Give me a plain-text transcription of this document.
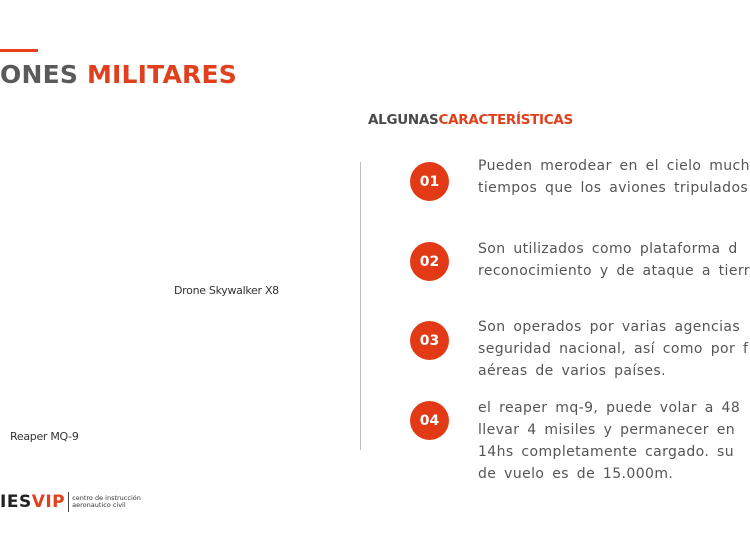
ONES MILITARES
Drone Skywalker X8
Reaper MQ-9
ALGUNASCARACTERÍSTICAS
01

Pueden merodear en el cielo much
tiempos que los aviones tripulados

02

Son utilizados como plataforma d
reconocimiento y de ataque a tierr

03

Son operados por varias agencias
seguridad nacional, así como por f
aéreas de varios países.

04

el reaper mq-9, puede volar a 48
llevar 4 misiles y permanecer en
14hs completamente cargado. su
de vuelo es de 15.000m.

IESVIP centro de instrucción
aeronautico civil
